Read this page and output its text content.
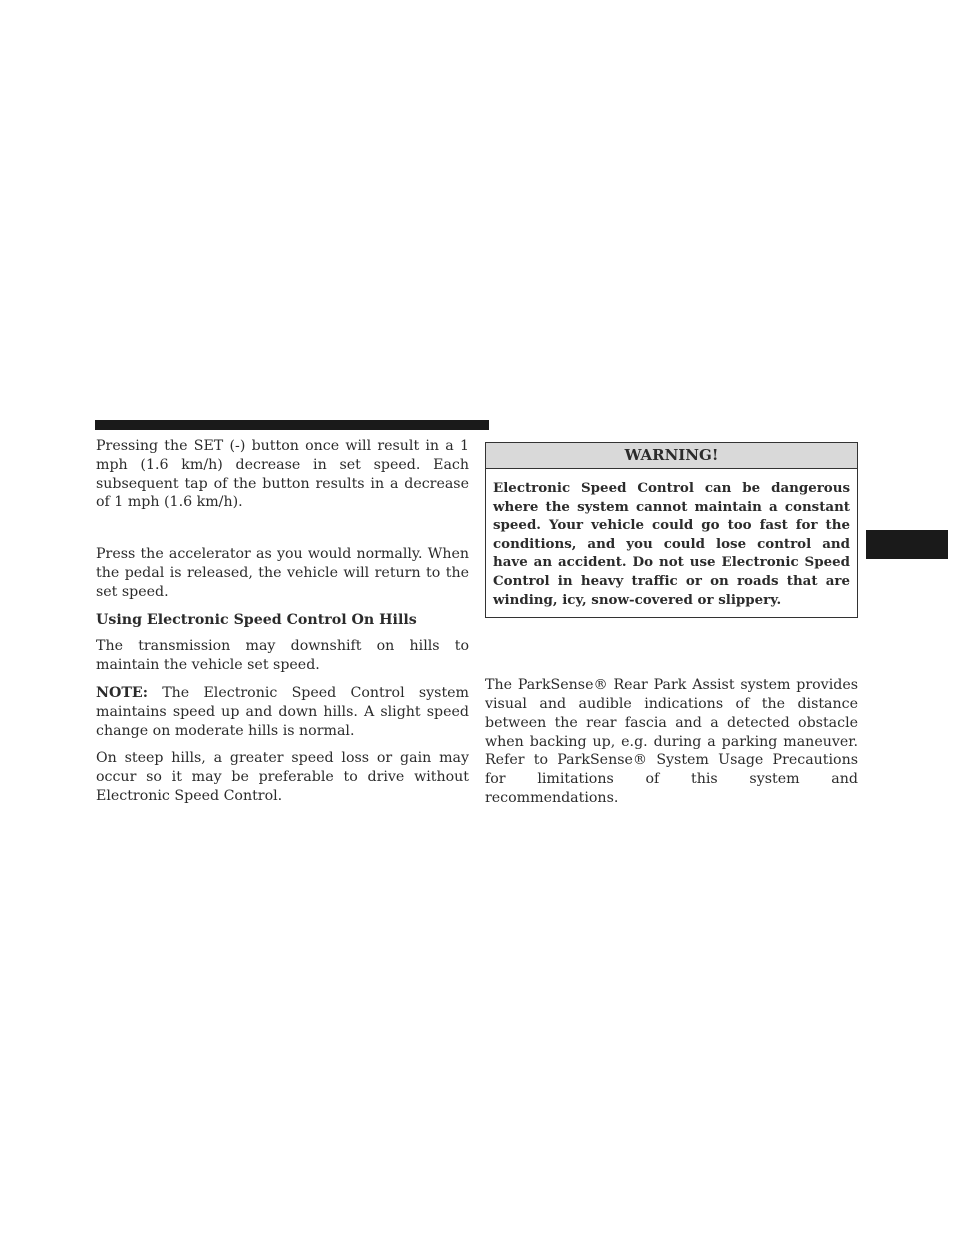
Pressing the SET (-) button once will result in a 1 mph (1.6 km/h) decrease in set speed. Each subsequent tap of the button results in a decrease of 1 mph (1.6 km/h).

Press the accelerator as you would normally. When the pedal is released, the vehicle will return to the set speed.

Using Electronic Speed Control On Hills

The transmission may downshift on hills to maintain the vehicle set speed.

NOTE: The Electronic Speed Control system maintains speed up and down hills. A slight speed change on moderate hills is normal.

On steep hills, a greater speed loss or gain may occur so it may be preferable to drive without Electronic Speed Control.

WARNING!
Electronic Speed Control can be dangerous where the system cannot maintain a constant speed. Your vehicle could go too fast for the conditions, and you could lose control and have an accident. Do not use Electronic Speed Control in heavy traffic or on roads that are winding, icy, snow-covered or slippery.

The ParkSense® Rear Park Assist system provides visual and audible indications of the distance between the rear fascia and a detected obstacle when backing up, e.g. during a parking maneuver. Refer to ParkSense® System Usage Precautions for limitations of this system and recommendations.
